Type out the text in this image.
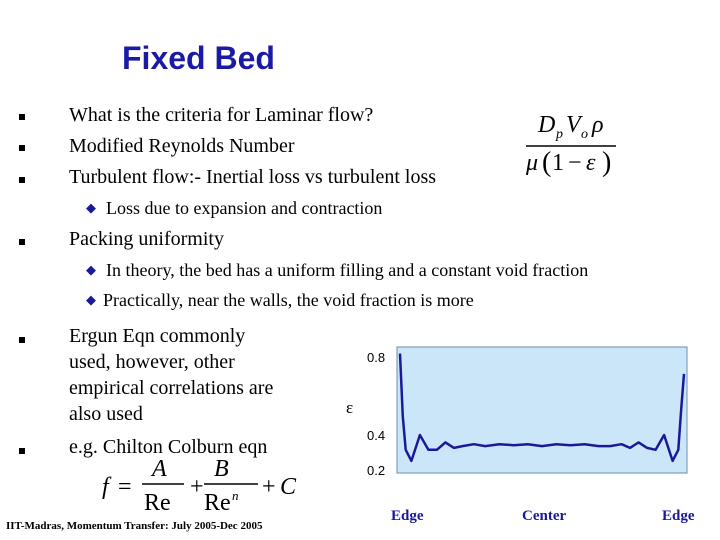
Fixed Bed
What is the criteria for Laminar flow?
Modified Reynolds Number
Turbulent flow:- Inertial loss vs turbulent loss
◆ Loss due to expansion and contraction
Packing uniformity
◆ In theory, the bed has a uniform filling and a constant void fraction
◆ Practically, near the walls, the void fraction is more
Ergun Eqn commonly
used, however, other
empirical correlations are
also used
e.g. Chilton Colburn eqn
D p V o ρ
μ ( 1 − ε )
f =
A
Re
+
B
Re n + C
0.8
ε
0.4
0.2
Edge	Center	Edge
IIT-Madras, Momentum Transfer: July 2005-Dec 2005
